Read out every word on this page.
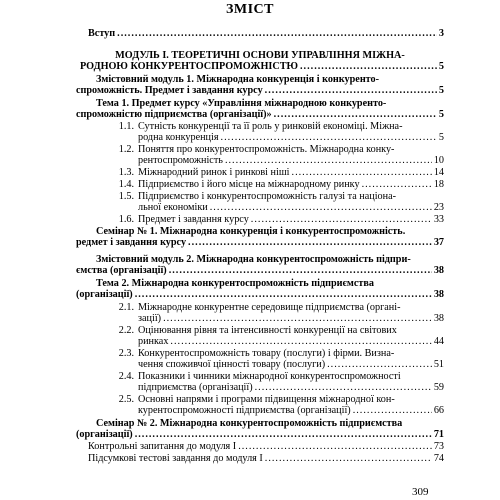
ЗМІСТ
Вступ .....	3
МОДУЛЬ І. ТЕОРЕТИЧНІ ОСНОВИ УПРАВЛІННЯ МІЖНА-
РОДНОЮ КОНКУРЕНТОСПРОМОЖНІСТЮ .....	5
Змістовний модуль 1. Міжнародна конкуренція і конкуренто-
спроможність. Предмет і завдання курсу .....	5
Тема 1. Предмет курсу «Управління міжнародною конкуренто-
спроможністю підприємства (організації)» .....	5
1.1. Сутність конкуренції та її роль у ринковій економіці. Міжна-
родна конкуренція .....	5
1.2. Поняття про конкурентоспроможність. Міжнародна конку-
рентоспроможність .....	10
1.3. Міжнародний ринок і ринкові ніші .....	14
1.4. Підприємство і його місце на міжнародному ринку .....	18
1.5. Підприємство і конкурентоспроможність галузі та націона-
льної економіки .....	23
1.6. Предмет і завдання курсу .....	33
Семінар № 1. Міжнародна конкуренція і конкурентоспроможність.
редмет і завдання курсу .....	37
Змістовний модуль 2. Міжнародна конкурентоспроможність підпри-
ємства (організації) .....	38
Тема 2. Міжнародна конкурентоспроможність підприємства
(організації) .....	38
2.1. Міжнародне конкурентне середовище підприємства (органі-
зації) .....	38
2.2. Оцінювання рівня та інтенсивності конкуренції на світових
ринках .....	44
2.3. Конкурентоспроможність товару (послуги) і фірми. Визна-
чення споживчої цінності товару (послуги) .....	51
2.4. Показники і чинники міжнародної конкурентоспроможності
підприємства (організації) .....	59
2.5. Основні напрями і програми підвищення міжнародної кон-
курентоспроможності підприємства (організації) .....	66
Семінар № 2. Міжнародна конкурентоспроможність підприємства
(організації) .....	71
Контрольні запитання до модуля І .....	73
Підсумкові тестові завдання до модуля І .....	74
309
